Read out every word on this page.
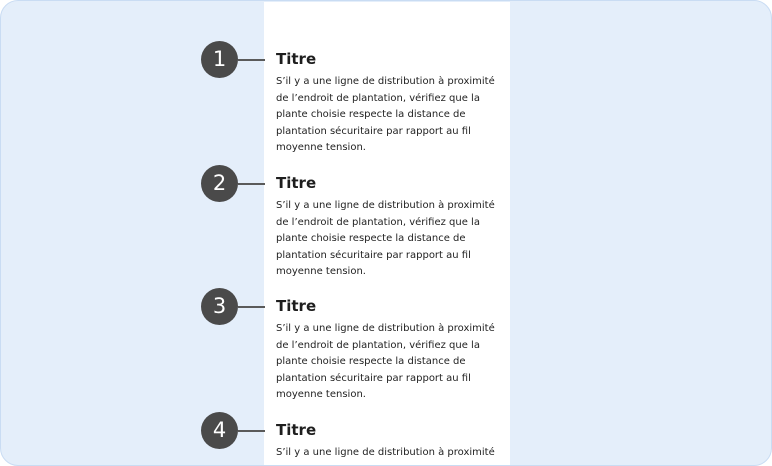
1	Titre
S’il y a une ligne de distribution à proximité de l’endroit de plantation, vérifiez que la plante choisie respecte la distance de plantation sécuritaire par rapport au fil moyenne tension.
2	Titre
S’il y a une ligne de distribution à proximité de l’endroit de plantation, vérifiez que la plante choisie respecte la distance de plantation sécuritaire par rapport au fil moyenne tension.
3	Titre
S’il y a une ligne de distribution à proximité de l’endroit de plantation, vérifiez que la plante choisie respecte la distance de plantation sécuritaire par rapport au fil moyenne tension.
4	Titre
S’il y a une ligne de distribution à proximité
